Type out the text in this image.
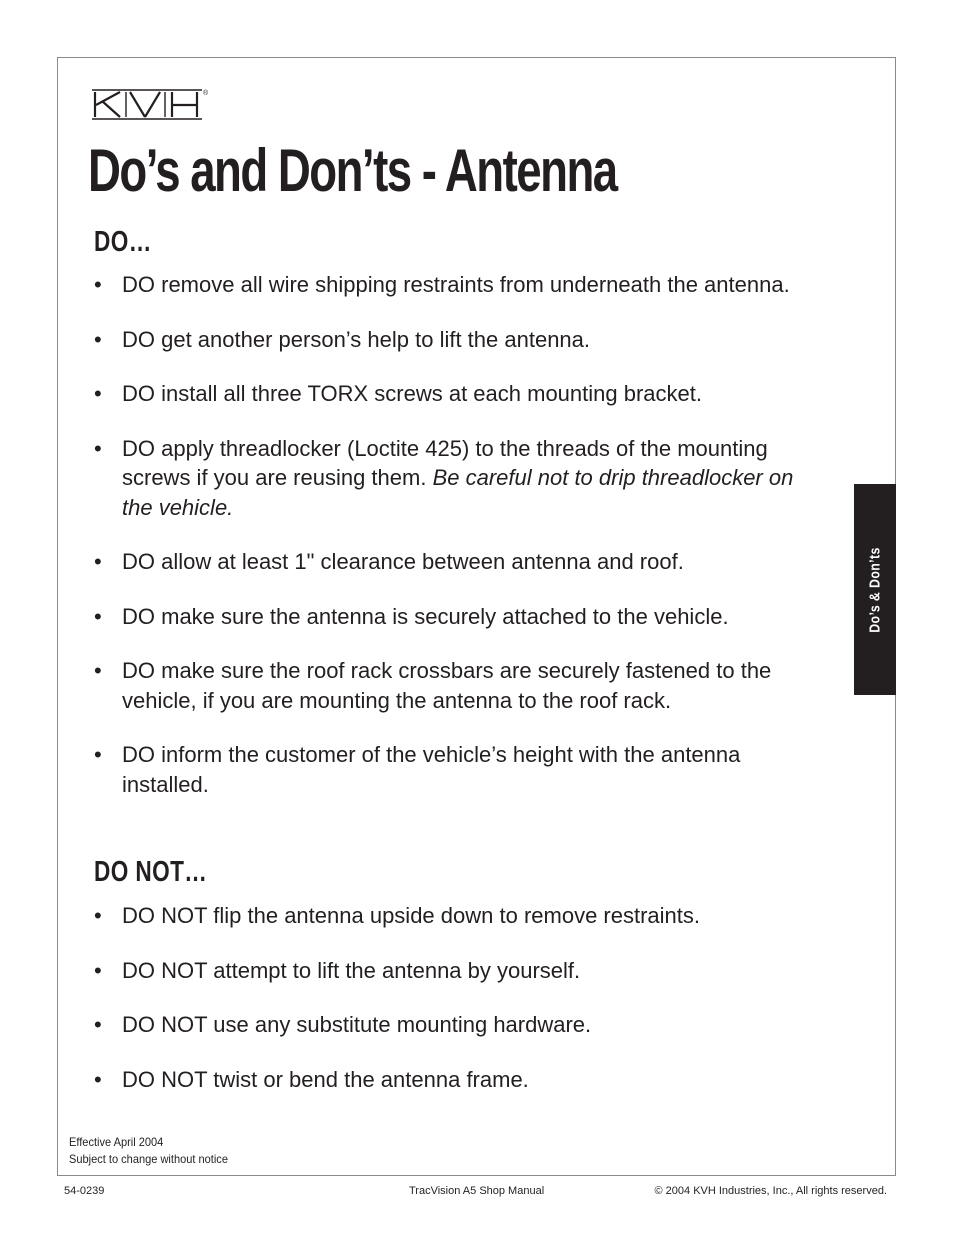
®
Do’s and Don’ts - Antenna
DO…
• DO remove all wire shipping restraints from underneath the antenna.
• DO get another person’s help to lift the antenna.
• DO install all three TORX screws at each mounting bracket.
• DO apply threadlocker (Loctite 425) to the threads of the mounting screws if you are reusing them. Be careful not to drip threadlocker on the vehicle.
• DO allow at least 1" clearance between antenna and roof.
• DO make sure the antenna is securely attached to the vehicle.
• DO make sure the roof rack crossbars are securely fastened to the vehicle, if you are mounting the antenna to the roof rack.
• DO inform the customer of the vehicle’s height with the antenna installed.
DO NOT…
• DO NOT flip the antenna upside down to remove restraints.
• DO NOT attempt to lift the antenna by yourself.
• DO NOT use any substitute mounting hardware.
• DO NOT twist or bend the antenna frame.
Do’s & Don’ts
Effective April 2004
Subject to change without notice
54-0239	TracVision A5 Shop Manual	© 2004 KVH Industries, Inc., All rights reserved.
